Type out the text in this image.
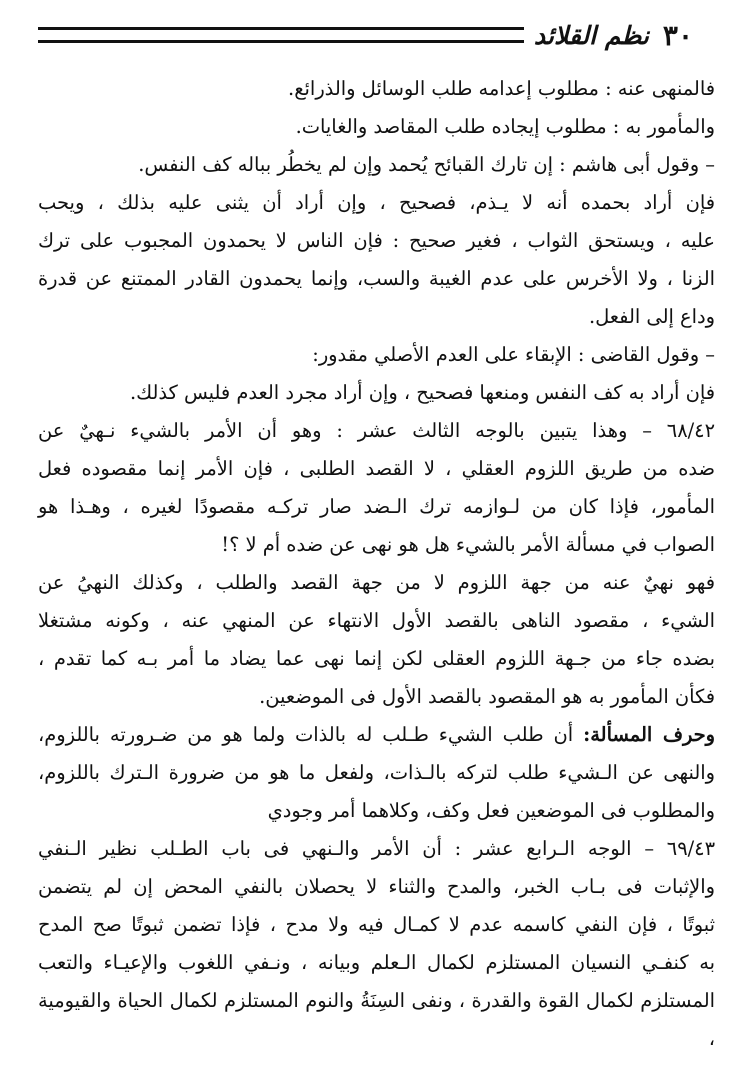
٣٠
نظم القلائد

فالمنهى عنه : مطلوب إعدامه طلب الوسائل والذرائع.

والمأمور به : مطلوب إيجاده طلب المقاصد والغايات.

– وقول أبى هاشم : إن تارك القبائح يُحمد وإن لم يخطُر بباله كف النفس.

فإن أراد بحمده أنه لا يـذم، فصحيح ، وإن أراد أن يثنى عليه بذلك ، ويحب

عليه ، ويستحق الثواب ، فغير صحيح : فإن الناس لا يحمدون المجبوب على ترك

الزنا ، ولا الأخرس على عدم الغيبة والسب، وإنما يحمدون القادر الممتنع عن قدرة

وداع إلى الفعل.

– وقول القاضى : الإبقاء على العدم الأصلي مقدور:

فإن أراد به كف النفس ومنعها فصحيح ، وإن أراد مجرد العدم فليس كذلك.

٦٨/٤٢ – وهذا يتبين بالوجه الثالث عشر : وهو أن الأمر بالشيء نـهيٌ عن

ضده من طريق اللزوم العقلي ، لا القصد الطلبى ، فإن الأمر إنما مقصوده فعل

المأمور، فإذا كان من لـوازمه ترك الـضد صار تركـه مقصودًا لغيره ، وهـذا هو

الصواب في مسألة الأمر بالشيء هل هو نهى عن ضده أم لا ؟!

فهو نهيٌ عنه من جهة اللزوم لا من جهة القصد والطلب ، وكذلك النهيُ عن

الشيء ، مقصود الناهى بالقصد الأول الانتهاء عن المنهي عنه ، وكونه مشتغلا

بضده جاء من جـهة اللزوم العقلى لكن إنما نهى عما يضاد ما أمر بـه كما تقدم ،

فكأن المأمور به هو المقصود بالقصد الأول فى الموضعين.

وحرف المسألة: أن طلب الشيء طـلب له بالذات ولما هو من ضـرورته باللزوم،

والنهى عن الـشيء طلب لتركه بالـذات، ولفعل ما هو من ضرورة الـترك باللزوم،

والمطلوب فى الموضعين فعل وكف، وكلاهما أمر وجودي

٦٩/٤٣ – الوجه الـرابع عشر : أن الأمر والـنهي فى باب الطـلب نظير الـنفي

والإثبات فى بـاب الخبر، والمدح والثناء لا يحصلان بالنفي المحض إن لم يتضمن

ثبوتًا ، فإن النفي كاسمه عدم لا كمـال فيه ولا مدح ، فإذا تضمن ثبوتًا صح المدح

به كنفـي النسيان المستلزم لكمال الـعلم وبيانه ، ونـفي اللغوب والإعيـاء والتعب

المستلزم لكمال القوة والقدرة ، ونفى السِنَةُ والنوم المستلزم لكمال الحياة والقيومية ،
